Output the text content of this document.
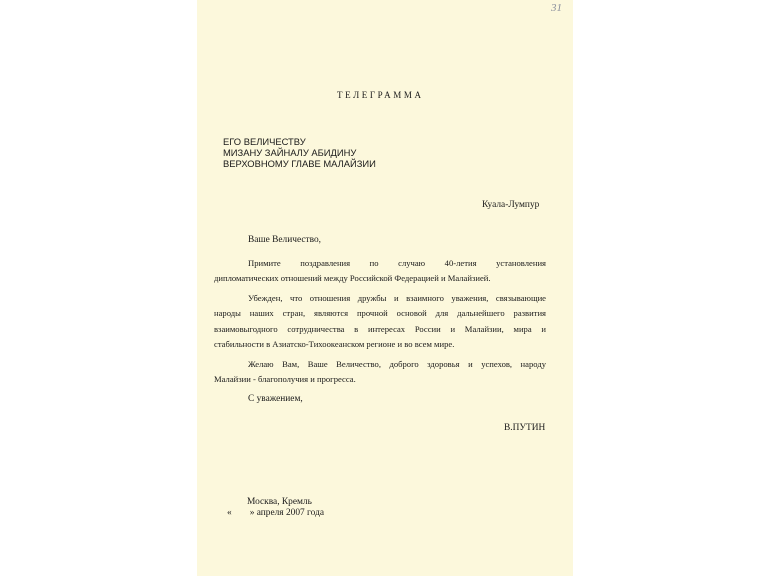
31
ТЕЛЕГРАММА
ЕГО ВЕЛИЧЕСТВУ
МИЗАНУ ЗАЙНАЛУ АБИДИНУ
ВЕРХОВНОМУ ГЛАВЕ МАЛАЙЗИИ
Куала-Лумпур
Ваше Величество,

Примите поздравления по случаю 40-летия установления

дипломатических отношений между Российской Федерацией и Малайзией.

Убежден, что отношения дружбы и взаимного уважения, связывающие

народы наших стран, являются прочной основой для дальнейшего развития

взаимовыгодного сотрудничества в интересах России и Малайзии, мира и

стабильности в Азиатско-Тихоокеанском регионе и во всем мире.

Желаю Вам, Ваше Величество, доброго здоровья и успехов, народу

Малайзии - благополучия и прогресса.

С уважением,
В.ПУТИН
Москва, Кремль
« » апреля 2007 года
